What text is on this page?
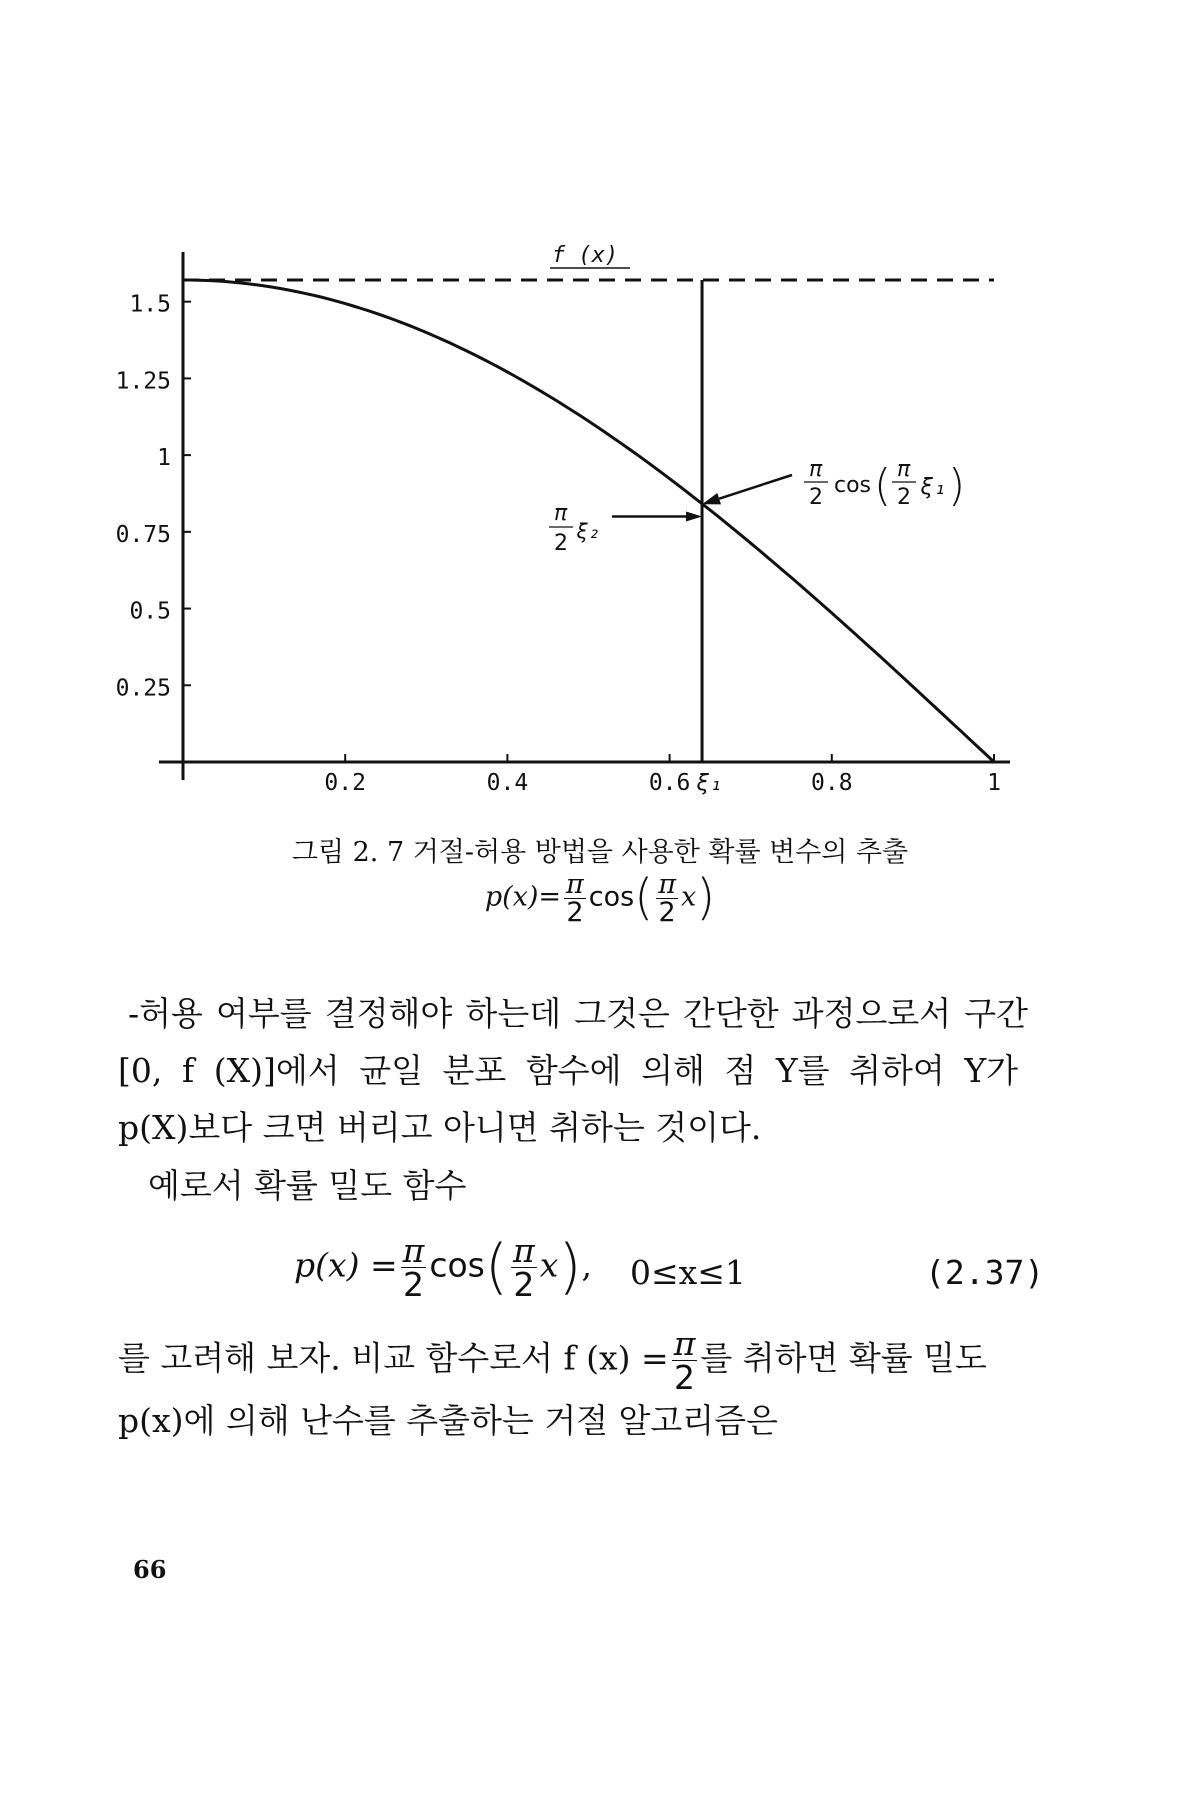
0.25
0.5
0.75
1
1.25
1.5
0.2	0.4	0.6	0.8	1
f (x)
π
2 cos ( π
2 ξ₁ )
π
2 ξ₂
ξ₁
그림 2. 7 거절-허용 방법을 사용한 확률 변수의 추출
$p(x)= \frac{\pi}{2} \cos( \frac{\pi}{2} x)$
-허용 여부를 결정해야 하는데 그것은 간단한 과정으로서 구간
[0, f (X)]에서 균일 분포 함수에 의해 점 Y를 취하여 Y가
p(X)보다 크면 버리고 아니면 취하는 것이다.
예로서 확률 밀도 함수
$p(x) = \frac{\pi}{2} \cos( \frac{\pi}{2} x)$, 0≤x≤1	(2.37)
를 고려해 보자. 비교 함수로서 f $(x) = \frac{\pi}{2}$ 를 취하면 확률 밀도
p(x)에 의해 난수를 추출하는 거절 알고리즘은
66
